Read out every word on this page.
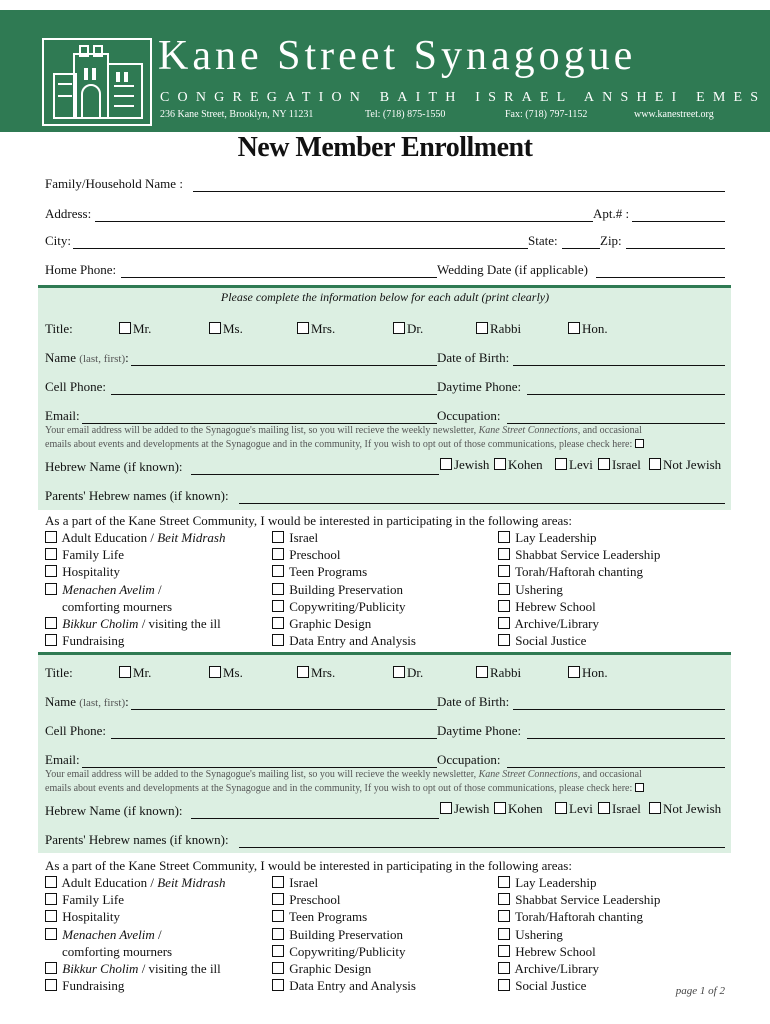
Kane Street Synagogue
CONGREGATION BAITH ISRAEL ANSHEI EMES
236 Kane Street, Brooklyn, NY 11231	Tel: (718) 875-1550	Fax: (718) 797-1152	www.kanestreet.org
New Member Enrollment
Family/Household Name :
Address:	Apt.# :
City:	State:	Zip:
Home Phone:	Wedding Date (if applicable)
Please complete the information below for each adult (print clearly)
Title:	Mr.	Ms.	Mrs.	Dr.	Rabbi	Hon.
Name (last, first):	Date of Birth:
Cell Phone:	Daytime Phone:
Email:	Occupation:
Your email address will be added to the Synagogue's mailing list, so you will recieve the weekly newsletter, Kane Street Connections, and occasional
emails about events and developments at the Synagogue and in the community, If you wish to opt out of those communications, please check here:
Hebrew Name (if known):	Jewish	Kohen	Levi	Israel	Not Jewish
Parents' Hebrew names (if known):
As a part of the Kane Street Community, I would be interested in participating in the following areas:
Adult Education / Beit Midrash
Family Life
Hospitality
Menachen Avelim /
comforting mourners
Bikkur Cholim / visiting the ill
Fundraising
Israel
Preschool
Teen Programs
Building Preservation
Copywriting/Publicity
Graphic Design
Data Entry and Analysis
Lay Leadership
Shabbat Service Leadership
Torah/Haftorah chanting
Ushering
Hebrew School
Archive/Library
Social Justice
Title:	Mr.	Ms.	Mrs.	Dr.	Rabbi	Hon.
Name (last, first):	Date of Birth:
Cell Phone:	Daytime Phone:
Email:	Occupation:
Your email address will be added to the Synagogue's mailing list, so you will recieve the weekly newsletter, Kane Street Connections, and occasional
emails about events and developments at the Synagogue and in the community, If you wish to opt out of those communications, please check here:
Hebrew Name (if known):	Jewish	Kohen	Levi	Israel	Not Jewish
Parents' Hebrew names (if known):
As a part of the Kane Street Community, I would be interested in participating in the following areas:
Adult Education / Beit Midrash
Family Life
Hospitality
Menachen Avelim /
comforting mourners
Bikkur Cholim / visiting the ill
Fundraising
Israel
Preschool
Teen Programs
Building Preservation
Copywriting/Publicity
Graphic Design
Data Entry and Analysis
Lay Leadership
Shabbat Service Leadership
Torah/Haftorah chanting
Ushering
Hebrew School
Archive/Library
Social Justice	page 1 of 2
